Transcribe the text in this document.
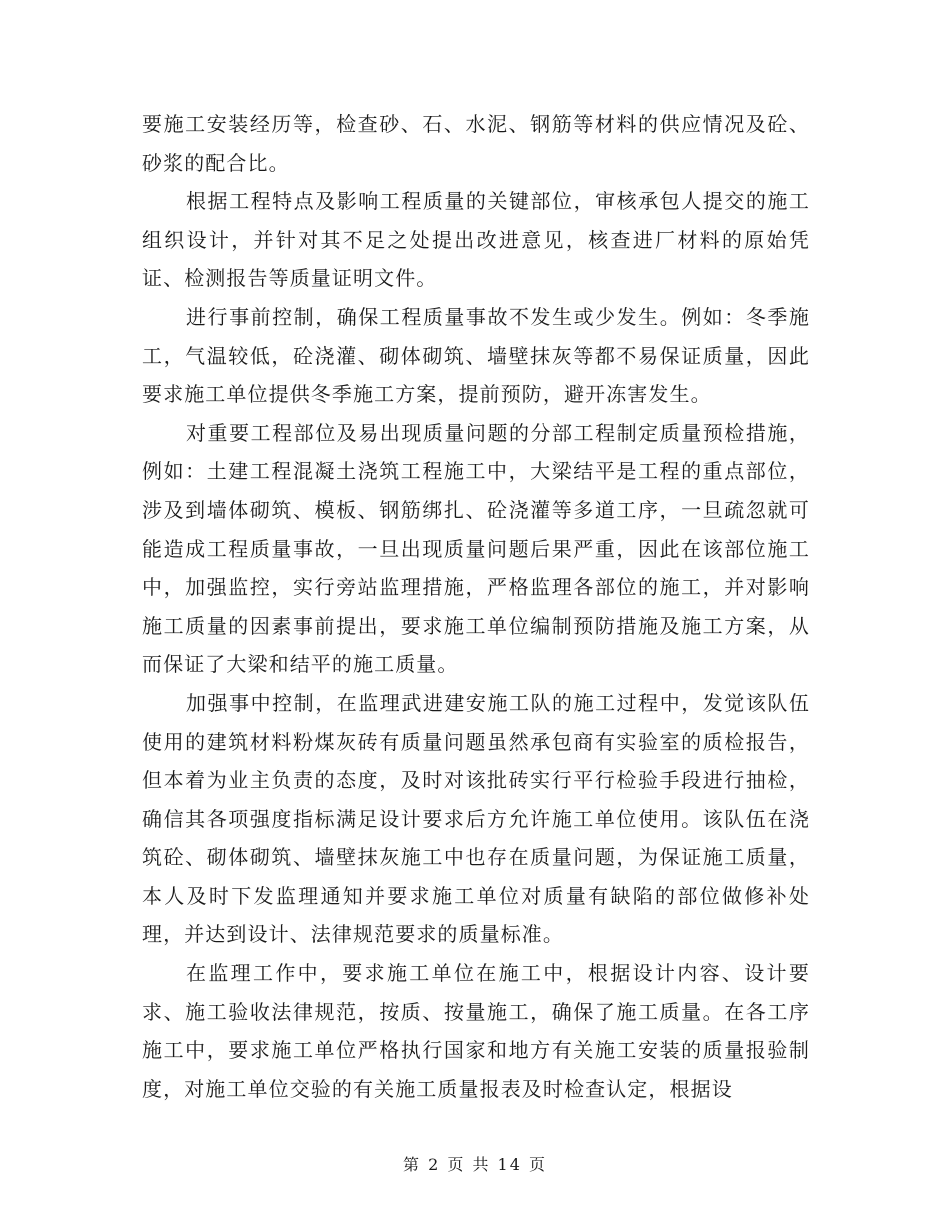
要施工安装经历等，检查砂、石、水泥、钢筋等材料的供应情况及砼、砂浆的配合比。

根据工程特点及影响工程质量的关键部位，审核承包人提交的施工组织设计，并针对其不足之处提出改进意见，核查进厂材料的原始凭证、检测报告等质量证明文件。

进行事前控制，确保工程质量事故不发生或少发生。例如：冬季施工，气温较低，砼浇灌、砌体砌筑、墙壁抹灰等都不易保证质量，因此要求施工单位提供冬季施工方案，提前预防，避开冻害发生。

对重要工程部位及易出现质量问题的分部工程制定质量预检措施，例如：土建工程混凝土浇筑工程施工中，大梁结平是工程的重点部位，涉及到墙体砌筑、模板、钢筋绑扎、砼浇灌等多道工序，一旦疏忽就可能造成工程质量事故，一旦出现质量问题后果严重，因此在该部位施工中，加强监控，实行旁站监理措施，严格监理各部位的施工，并对影响施工质量的因素事前提出，要求施工单位编制预防措施及施工方案，从而保证了大梁和结平的施工质量。

加强事中控制，在监理武进建安施工队的施工过程中，发觉该队伍使用的建筑材料粉煤灰砖有质量问题虽然承包商有实验室的质检报告，但本着为业主负责的态度，及时对该批砖实行平行检验手段进行抽检，确信其各项强度指标满足设计要求后方允许施工单位使用。该队伍在浇筑砼、砌体砌筑、墙壁抹灰施工中也存在质量问题，为保证施工质量，本人及时下发监理通知并要求施工单位对质量有缺陷的部位做修补处理，并达到设计、法律规范要求的质量标准。

在监理工作中，要求施工单位在施工中，根据设计内容、设计要求、施工验收法律规范，按质、按量施工，确保了施工质量。在各工序施工中，要求施工单位严格执行国家和地方有关施工安装的质量报验制度，对施工单位交验的有关施工质量报表及时检查认定，根据设

第 2 页 共 14 页
